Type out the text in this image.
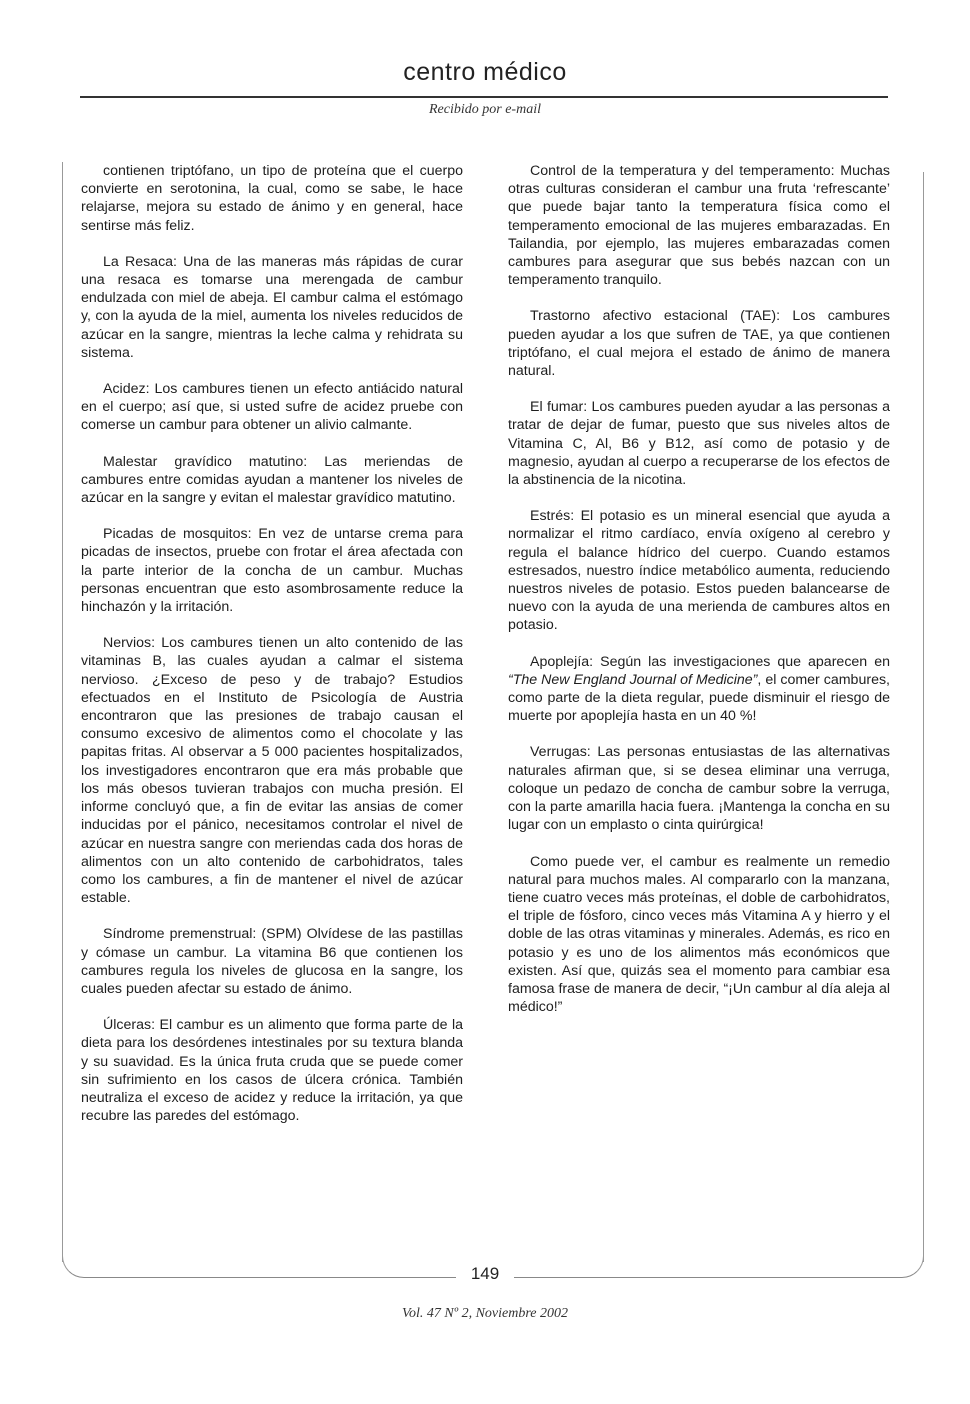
centro médico
Recibido por e-mail

contienen triptófano, un tipo de proteína que el cuerpo convierte en serotonina, la cual, como se sabe, le hace relajarse, mejora su estado de ánimo y en general, hace sentirse más feliz.

La Resaca: Una de las maneras más rápidas de curar una resaca es tomarse una merengada de cambur endulzada con miel de abeja. El cambur calma el estómago y, con la ayuda de la miel, aumenta los niveles reducidos de azúcar en la sangre, mientras la leche calma y rehidrata su sistema.

Acidez: Los cambures tienen un efecto antiácido natural en el cuerpo; así que, si usted sufre de acidez pruebe con comerse un cambur para obtener un alivio calmante.

Malestar gravídico matutino: Las meriendas de cambures entre comidas ayudan a mantener los niveles de azúcar en la sangre y evitan el malestar gravídico matutino.

Picadas de mosquitos: En vez de untarse crema para picadas de insectos, pruebe con frotar el área afectada con la parte interior de la concha de un cambur. Muchas personas encuentran que esto asombrosamente reduce la hinchazón y la irritación.

Nervios: Los cambures tienen un alto contenido de las vitaminas B, las cuales ayudan a calmar el sistema nervioso. ¿Exceso de peso y de trabajo? Estudios efectuados en el Instituto de Psicología de Austria encontraron que las presiones de trabajo causan el consumo excesivo de alimentos como el chocolate y las papitas fritas. Al observar a 5 000 pacientes hospitalizados, los investigadores encontraron que era más probable que los más obesos tuvieran trabajos con mucha presión. El informe concluyó que, a fin de evitar las ansias de comer inducidas por el pánico, necesitamos controlar el nivel de azúcar en nuestra sangre con meriendas cada dos horas de alimentos con un alto contenido de carbohidratos, tales como los cambures, a fin de mantener el nivel de azúcar estable.

Síndrome premenstrual: (SPM) Olvídese de las pastillas y cómase un cambur. La vitamina B6 que contienen los cambures regula los niveles de glucosa en la sangre, los cuales pueden afectar su estado de ánimo.

Úlceras: El cambur es un alimento que forma parte de la dieta para los desórdenes intestinales por su textura blanda y su suavidad. Es la única fruta cruda que se puede comer sin sufrimiento en los casos de úlcera crónica. También neutraliza el exceso de acidez y reduce la irritación, ya que recubre las paredes del estómago.

Control de la temperatura y del temperamento: Muchas otras culturas consideran el cambur una fruta ‘refrescante’ que puede bajar tanto la temperatura física como el temperamento emocional de las mujeres embarazadas. En Tailandia, por ejemplo, las mujeres embarazadas comen cambures para asegurar que sus bebés nazcan con un temperamento tranquilo.

Trastorno afectivo estacional (TAE): Los cambures pueden ayudar a los que sufren de TAE, ya que contienen triptófano, el cual mejora el estado de ánimo de manera natural.

El fumar: Los cambures pueden ayudar a las personas a tratar de dejar de fumar, puesto que sus niveles altos de Vitamina C, Al, B6 y B12, así como de potasio y de magnesio, ayudan al cuerpo a recuperarse de los efectos de la abstinencia de la nicotina.

Estrés: El potasio es un mineral esencial que ayuda a normalizar el ritmo cardíaco, envía oxígeno al cerebro y regula el balance hídrico del cuerpo. Cuando estamos estresados, nuestro índice metabólico aumenta, reduciendo nuestros niveles de potasio. Estos pueden balancearse de nuevo con la ayuda de una merienda de cambures altos en potasio.

Apoplejía: Según las investigaciones que aparecen en “The New England Journal of Medicine”, el comer cambures, como parte de la dieta regular, puede disminuir el riesgo de muerte por apoplejía hasta en un 40 %!

Verrugas: Las personas entusiastas de las alternativas naturales afirman que, si se desea eliminar una verruga, coloque un pedazo de concha de cambur sobre la verruga, con la parte amarilla hacia fuera. ¡Mantenga la concha en su lugar con un emplasto o cinta quirúrgica!

Como puede ver, el cambur es realmente un remedio natural para muchos males. Al compararlo con la manzana, tiene cuatro veces más proteínas, el doble de carbohidratos, el triple de fósforo, cinco veces más Vitamina A y hierro y el doble de las otras vitaminas y minerales. Además, es rico en potasio y es uno de los alimentos más económicos que existen. Así que, quizás sea el momento para cambiar esa famosa frase de manera de decir, “¡Un cambur al día aleja al médico!”

149
Vol. 47 Nº 2, Noviembre 2002
